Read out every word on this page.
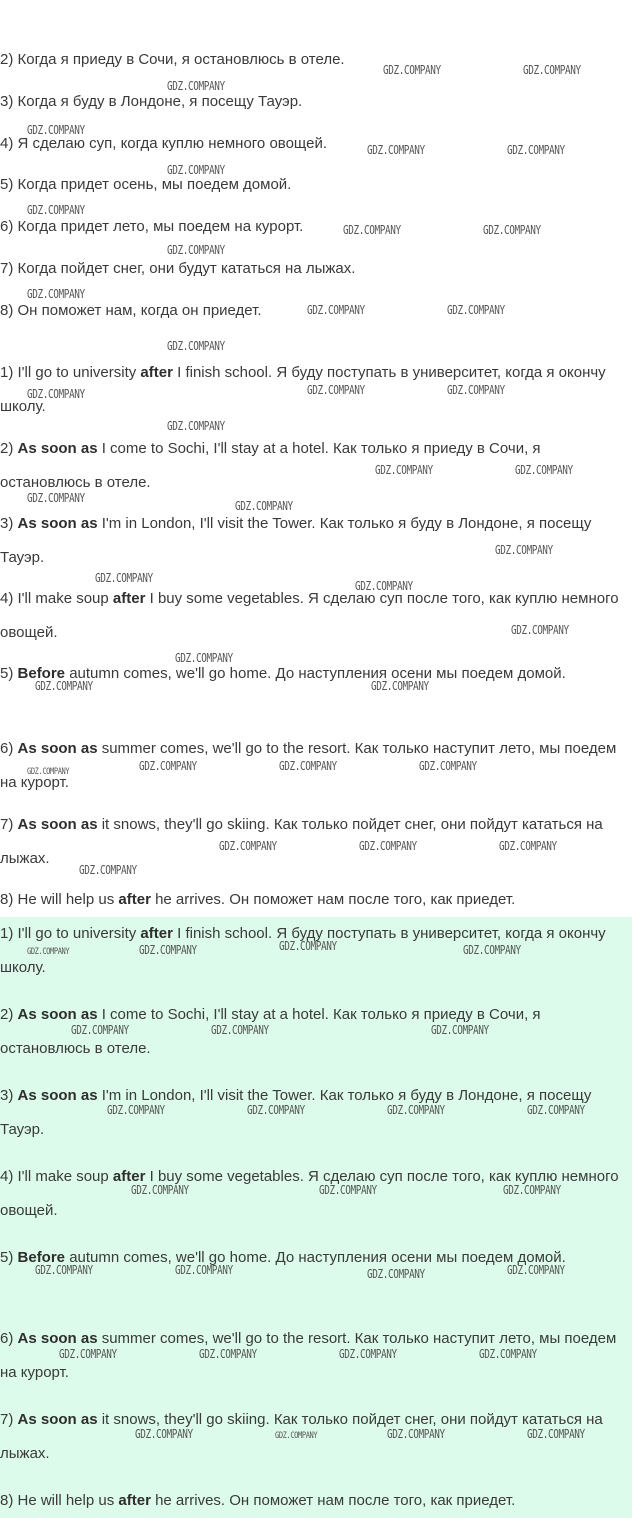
2) Когда я приеду в Сочи, я остановлюсь в отеле.
3) Когда я буду в Лондоне, я посещу Тауэр.
4) Я сделаю суп, когда куплю немного овощей.
5) Когда придет осень, мы поедем домой.
6) Когда придет лето, мы поедем на курорт.
7) Когда пойдет снег, они будут кататься на лыжах.
8) Он поможет нам, когда он приедет.
1) I'll go to university after I finish school. Я буду поступать в университет, когда я окончу школу.
2) As soon as I come to Sochi, I'll stay at a hotel. Как только я приеду в Сочи, я остановлюсь в отеле.
3) As soon as I'm in London, I'll visit the Tower. Как только я буду в Лондоне, я посещу Тауэр.
4) I'll make soup after I buy some vegetables. Я сделаю суп после того, как куплю немного овощей.
5) Before autumn comes, we'll go home. До наступления осени мы поедем домой.
6) As soon as summer comes, we'll go to the resort. Как только наступит лето, мы поедем на курорт.
7) As soon as it snows, they'll go skiing. Как только пойдет снег, они пойдут кататься на лыжах.
8) He will help us after he arrives. Он поможет нам после того, как приедет.
1) I'll go to university after I finish school. Я буду поступать в университет, когда я окончу школу.
2) As soon as I come to Sochi, I'll stay at a hotel. Как только я приеду в Сочи, я остановлюсь в отеле.
3) As soon as I'm in London, I'll visit the Tower. Как только я буду в Лондоне, я посещу Тауэр.
4) I'll make soup after I buy some vegetables. Я сделаю суп после того, как куплю немного овощей.
5) Before autumn comes, we'll go home. До наступления осени мы поедем домой.
6) As soon as summer comes, we'll go to the resort. Как только наступит лето, мы поедем на курорт.
7) As soon as it snows, they'll go skiing. Как только пойдет снег, они пойдут кататься на лыжах.
8) He will help us after he arrives. Он поможет нам после того, как приедет.
GDZ.COMPANY	GDZ.COMPANY
GDZ.COMPANY
GDZ.COMPANY
GDZ.COMPANY	GDZ.COMPANY
GDZ.COMPANY
GDZ.COMPANY
GDZ.COMPANY	GDZ.COMPANY
GDZ.COMPANY
GDZ.COMPANY
GDZ.COMPANY	GDZ.COMPANY
GDZ.COMPANY
GDZ.COMPANY	GDZ.COMPANY	GDZ.COMPANY
GDZ.COMPANY
GDZ.COMPANY	GDZ.COMPANY
GDZ.COMPANY
GDZ.COMPANY
GDZ.COMPANY
GDZ.COMPANY
GDZ.COMPANY
GDZ.COMPANY
GDZ.COMPANY
GDZ.COMPANY	GDZ.COMPANY
GDZ.COMPANY	GDZ.COMPANY	GDZ.COMPANY	GDZ.COMPANY
GDZ.COMPANY	GDZ.COMPANY	GDZ.COMPANY
GDZ.COMPANY
GDZ.COMPANY	GDZ.COMPANY	GDZ.COMPANY	GDZ.COMPANY
GDZ.COMPANY	GDZ.COMPANY	GDZ.COMPANY
GDZ.COMPANY	GDZ.COMPANY	GDZ.COMPANY	GDZ.COMPANY
GDZ.COMPANY	GDZ.COMPANY	GDZ.COMPANY
GDZ.COMPANY	GDZ.COMPANY	GDZ.COMPANY	GDZ.COMPANY
GDZ.COMPANY	GDZ.COMPANY	GDZ.COMPANY	GDZ.COMPANY
GDZ.COMPANY	GDZ.COMPANY	GDZ.COMPANY	GDZ.COMPANY
